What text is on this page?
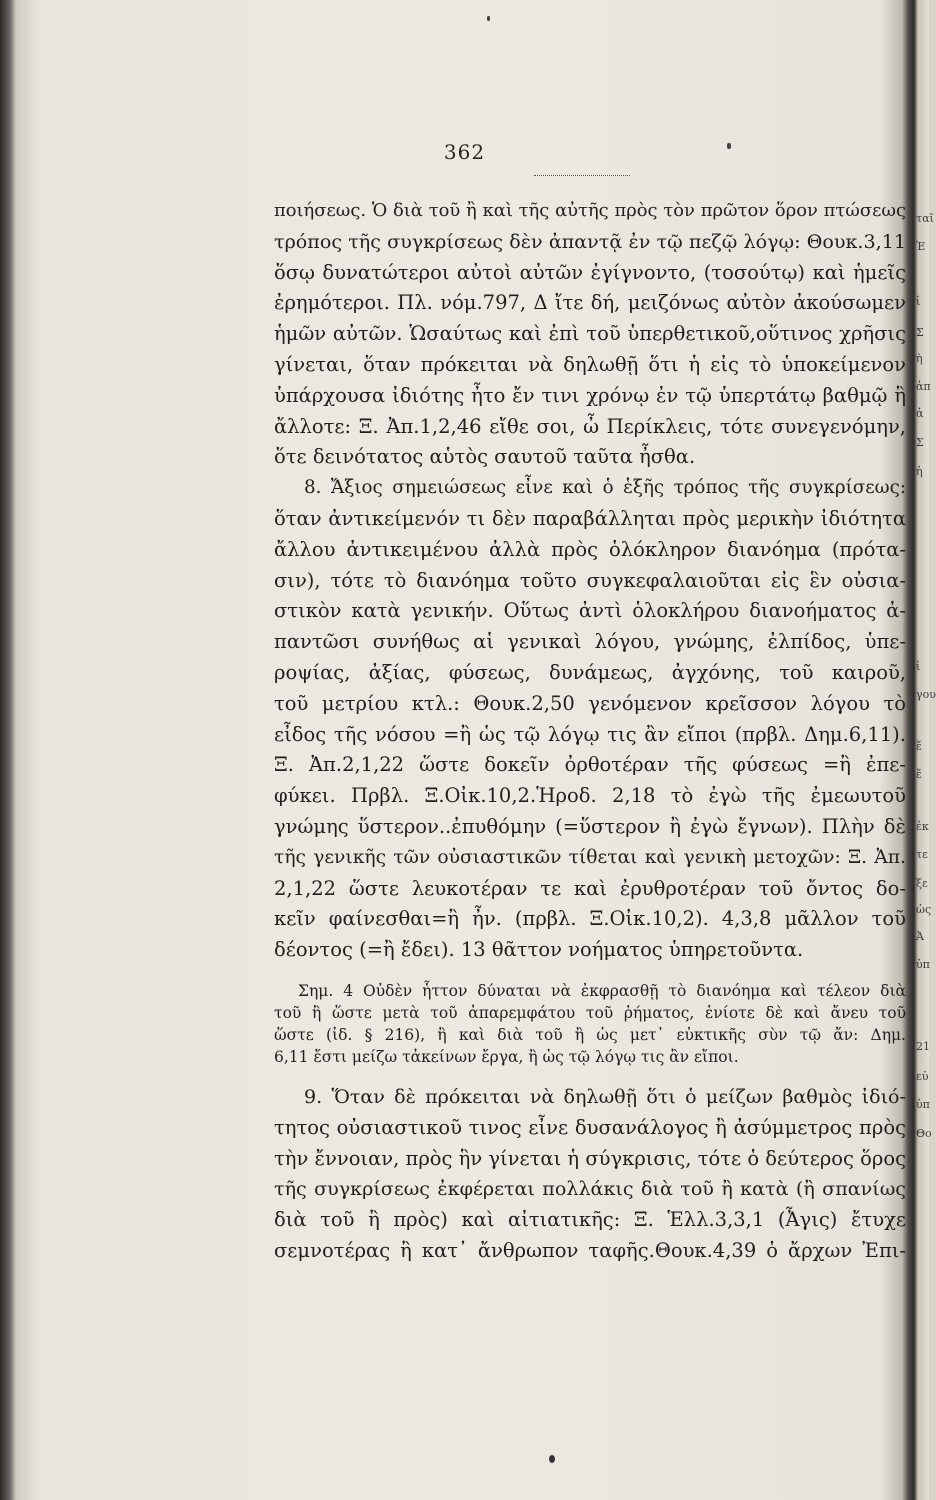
362
ποιήσεως. Ὁ διὰ τοῦ ἢ καὶ τῆς αὐτῆς πρὸς τὸν πρῶτον ὅρον πτώσεως
τρόπος τῆς συγκρίσεως δὲν ἀπαντᾷ ἐν τῷ πεζῷ λόγῳ: Θουκ.3,11
ὅσῳ δυνατώτεροι αὐτοὶ αὐτῶν ἐγίγνοντο, (τοσούτῳ) καὶ ἡμεῖς
ἐρημότεροι. Πλ. νόμ.797, Δ ἴτε δή, μειζόνως αὐτὸν ἀκούσωμεν
ἡμῶν αὐτῶν. Ὡσαύτως καὶ ἐπὶ τοῦ ὑπερθετικοῦ,οὕτινος χρῆσις
γίνεται, ὅταν πρόκειται νὰ δηλωθῇ ὅτι ἡ εἰς τὸ ὑποκείμενον
ὑπάρχουσα ἰδιότης ἦτο ἔν τινι χρόνῳ ἐν τῷ ὑπερτάτῳ βαθμῷ ἢ
ἄλλοτε: Ξ. Ἀπ.1,2,46 εἴθε σοι, ὦ Περίκλεις, τότε συνεγενόμην,
ὅτε δεινότατος αὑτὸς σαυτοῦ ταῦτα ἦσθα.
8. Ἄξιος σημειώσεως εἶνε καὶ ὁ ἑξῆς τρόπος τῆς συγκρίσεως:
ὅταν ἀντικείμενόν τι δὲν παραβάλληται πρὸς μερικὴν ἰδιότητα
ἄλλου ἀντικειμένου ἀλλὰ πρὸς ὁλόκληρον διανόημα (πρότα-
σιν), τότε τὸ διανόημα τοῦτο συγκεφαλαιοῦται εἰς ἓν οὐσια-
στικὸν κατὰ γενικήν. Οὕτως ἀντὶ ὁλοκλήρου διανοήματος ἀ-
παντῶσι συνήθως αἱ γενικαὶ λόγου, γνώμης, ἐλπίδος, ὑπε-
ροψίας, ἀξίας, φύσεως, δυνάμεως, ἀγχόνης, τοῦ καιροῦ,
τοῦ μετρίου κτλ.: Θουκ.2,50 γενόμενον κρεῖσσον λόγου τὸ
εἶδος τῆς νόσου =ἢ ὡς τῷ λόγῳ τις ἂν εἴποι (πρβλ. Δημ.6,11).
Ξ. Ἀπ.2,1,22 ὥστε δοκεῖν ὀρθοτέραν τῆς φύσεως =ἢ ἐπε-
φύκει. Πρβλ. Ξ.Οἰκ.10,2.Ἡροδ. 2,18 τὸ ἐγὼ τῆς ἐμεωυτοῦ
γνώμης ὕστερον..ἐπυθόμην (=ὕστερον ἢ ἐγὼ ἔγνων). Πλὴν δὲ
τῆς γενικῆς τῶν οὐσιαστικῶν τίθεται καὶ γενικὴ μετοχῶν: Ξ. Ἀπ.
2,1,22 ὥστε λευκοτέραν τε καὶ ἐρυθροτέραν τοῦ ὄντος δο-
κεῖν φαίνεσθαι=ἢ ἦν. (πρβλ. Ξ.Οἰκ.10,2). 4,3,8 μᾶλλον τοῦ
δέοντος (=ἢ ἔδει). 13 θᾶττον νοήματος ὑπηρετοῦντα.
Σημ. 4 Οὐδὲν ἧττον δύναται νὰ ἐκφρασθῇ τὸ διανόημα καὶ τέλεον διὰ
τοῦ ἢ ὥστε μετὰ τοῦ ἀπαρεμφάτου τοῦ ῥήματος, ἐνίοτε δὲ καὶ ἄνευ τοῦ
ὥστε (ἰδ. § 216), ἢ καὶ διὰ τοῦ ἢ ὡς μετ᾿ εὐκτικῆς σὺν τῷ ἄν: Δημ.
6,11 ἔστι μείζω τἀκείνων ἔργα, ἢ ὡς τῷ λόγῳ τις ἂν εἴποι.
9. Ὅταν δὲ πρόκειται νὰ δηλωθῇ ὅτι ὁ μείζων βαθμὸς ἰδιό-
τητος οὐσιαστικοῦ τινος εἶνε δυσανάλογος ἢ ἀσύμμετρος πρὸς
τὴν ἔννοιαν, πρὸς ἣν γίνεται ἡ σύγκρισις, τότε ὁ δεύτερος ὅρος
τῆς συγκρίσεως ἐκφέρεται πολλάκις διὰ τοῦ ἢ κατὰ (ἢ σπανίως
διὰ τοῦ ἢ πρὸς) καὶ αἰτιατικῆς: Ξ. Ἑλλ.3,3,1 (Ἆγις) ἔτυχε
σεμνοτέρας ἢ κατ᾿ ἄνθρωπον ταφῆς.Θουκ.4,39 ὁ ἄρχων Ἐπι-
ταῖ
Ἐ
ἱ
Σ
ὴ
ἀπ
ἀ
Σ
ἡ
ἱ
γου
ἔ
ἔ
ἐκ
τε
ξε
ὡς
Ἀ
ὑπ
21
εὐ
ὑπ
Θο
